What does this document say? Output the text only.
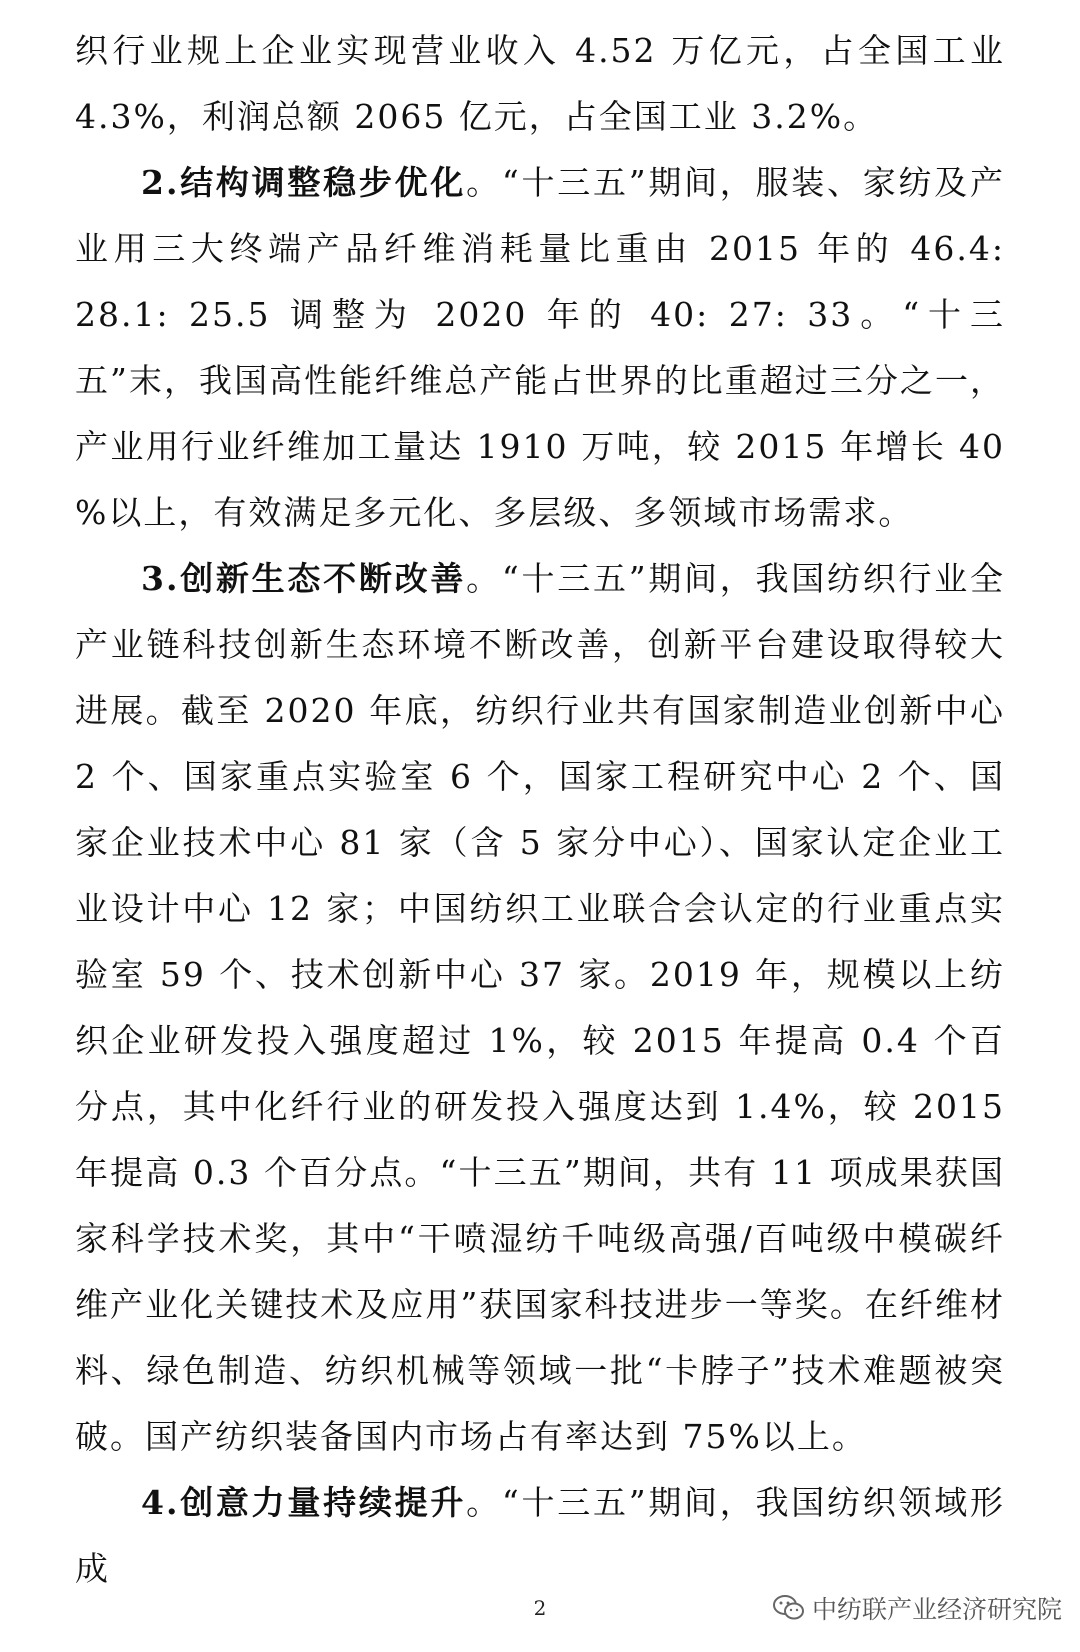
织行业规上企业实现营业收入 4.52 万亿元，占全国工业 4.3%，利润总额 2065 亿元，占全国工业 3.2%。

2.结构调整稳步优化。“十三五”期间，服装、家纺及产业用三大终端产品纤维消耗量比重由 2015 年的 46.4: 28.1: 25.5 调整为 2020 年的 40: 27: 33。“十三五”末，我国高性能纤维总产能占世界的比重超过三分之一，产业用行业纤维加工量达 1910 万吨，较 2015 年增长 40 %以上，有效满足多元化、多层级、多领域市场需求。

3.创新生态不断改善。“十三五”期间，我国纺织行业全产业链科技创新生态环境不断改善，创新平台建设取得较大进展。截至 2020 年底，纺织行业共有国家制造业创新中心 2 个、国家重点实验室 6 个，国家工程研究中心 2 个、国家企业技术中心 81 家（含 5 家分中心）、国家认定企业工业设计中心 12 家；中国纺织工业联合会认定的行业重点实验室 59 个、技术创新中心 37 家。2019 年，规模以上纺织企业研发投入强度超过 1%，较 2015 年提高 0.4 个百分点，其中化纤行业的研发投入强度达到 1.4%，较 2015 年提高 0.3 个百分点。“十三五”期间，共有 11 项成果获国家科学技术奖，其中“干喷湿纺千吨级高强/百吨级中模碳纤维产业化关键技术及应用”获国家科技进步一等奖。在纤维材料、绿色制造、纺织机械等领域一批“卡脖子”技术难题被突破。国产纺织装备国内市场占有率达到 75%以上。

4.创意力量持续提升。“十三五”期间，我国纺织领域形成

2	中纺联产业经济研究院
